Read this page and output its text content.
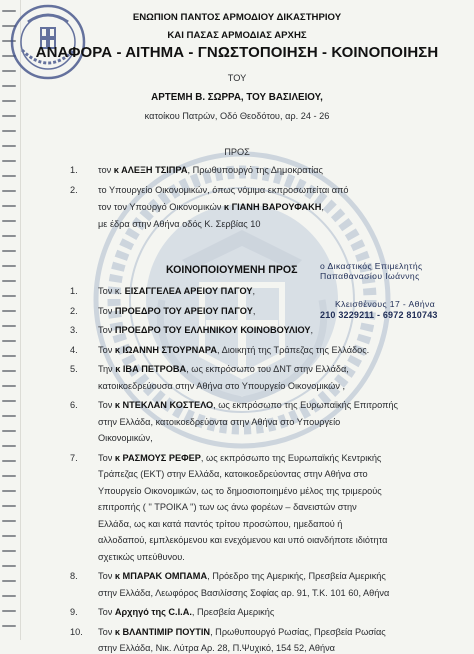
ΕΝΩΠΙΟΝ ΠΑΝΤΟΣ ΑΡΜΟΔΙΟΥ ΔΙΚΑΣΤΗΡΙΟΥ
ΚΑΙ ΠΑΣΑΣ ΑΡΜΟΔΙΑΣ ΑΡΧΗΣ
ΑΝΑΦΟΡΑ - ΑΙΤΗΜΑ - ΓΝΩΣΤΟΠΟΙΗΣΗ - ΚΟΙΝΟΠΟΙΗΣΗ
ΤΟΥ
ΑΡΤΕΜΗ Β. ΣΩΡΡΑ, ΤΟΥ ΒΑΣΙΛΕΙΟΥ,
κατοίκου Πατρών, Οδό Θεοδότου, αρ. 24 - 26
ΠΡΟΣ
1. τον κ ΑΛΕΞΗ ΤΣΙΠΡΑ, Πρωθυπουργό της Δημοκρατίας
2. το Υπουργείο Οικονομικών, όπως νόμιμα εκπροσωπείται από
τον τον Υπουργό Οικονομικών κ ΓΙΑΝΗ ΒΑΡΟΥΦΑΚΗ,
με έδρα στην Αθήνα οδός Κ. Σερβίας 10
ΚΟΙΝΟΠΟΙΟΥΜΕΝΗ ΠΡΟΣ
1. Τον κ. ΕΙΣΑΓΓΕΛΕΑ ΑΡΕΙΟΥ ΠΑΓΟΥ,
2. Τον ΠΡΟΕΔΡΟ ΤΟΥ ΑΡΕΙΟΥ ΠΑΓΟΥ,
3. Τον ΠΡΟΕΔΡΟ ΤΟΥ ΕΛΛΗΝΙΚΟΥ ΚΟΙΝΟΒΟΥΛΙΟΥ,
4. Τον κ ΙΩΑΝΝΗ ΣΤΟΥΡΝΑΡΑ, Διοικητή της Τράπεζας της Ελλάδος.
5. Την κ ΙΒΑ ΠΕΤΡΟΒΑ, ως εκπρόσωπο του ΔΝΤ στην Ελλάδα,
κατοικοεδρεύουσα στην Αθήνα στο Υπουργείο Οικονομικών ,
6. Τον κ ΝΤΕΚΛΑΝ ΚΟΣΤΕΛΟ, ως εκπρόσωπο της Ευρωπαϊκής Επιτροπής
στην Ελλάδα, κατοικοεδρεύοντα στην Αθήνα στο Υπουργείο
Οικονομικών,
7. Τον κ ΡΑΣΜΟΥΣ ΡΕΦΕΡ, ως εκπρόσωπο της Ευρωπαϊκής Κεντρικής
Τράπεζας (ΕΚΤ) στην Ελλάδα, κατοικοεδρεύοντας στην Αθήνα στο
Υπουργείο Οικονομικών, ως το δημοσιοποιημένο μέλος της τριμερούς
επιτροπής ( '' ΤΡΟΙΚΑ '') των ως άνω φορέων – δανειστών στην
Ελλάδα, ως και κατά παντός τρίτου προσώπου, ημεδαπού ή
αλλοδαπού, εμπλεκόμενου και ενεχόμενου και υπό οιανδήποτε ιδιότητα
σχετικώς υπεύθυνου.
8. Τον κ ΜΠΑΡΑΚ ΟΜΠΑΜΑ, Πρόεδρο της Αμερικής, Πρεσβεία Αμερικής
στην Ελλάδα, Λεωφόρος Βασιλίσσης Σοφίας αρ. 91, Τ.Κ. 101 60, Αθήνα
9. Τον Αρχηγό της C.I.A., Πρεσβεία Αμερικής
10. Τον κ ΒΛΑΝΤΙΜΙΡ ΠΟΥΤΙΝ, Πρωθυπουργό Ρωσίας, Πρεσβεία Ρωσίας
στην Ελλάδα, Νικ. Λύτρα Αρ. 28, Π.Ψυχικό, 154 52, Αθήνα
ο Δικαστικός Επιμελητής
Παπαθανασίου Ιωάννης
Κλεισθένους 17 - Αθήνα
210 3229211 - 6972 810743
